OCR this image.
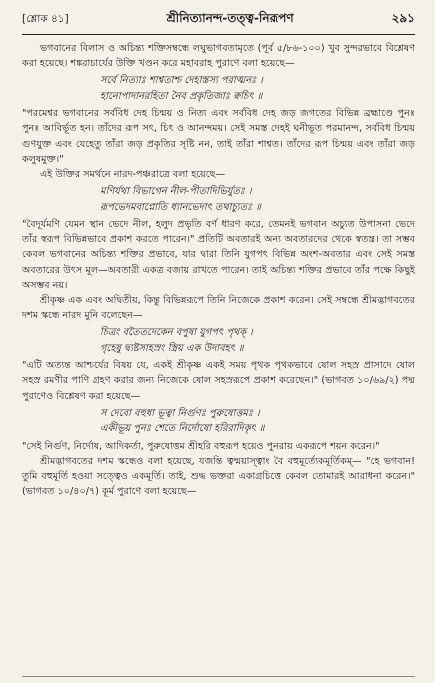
[শ্লোক ৪১]	শ্রীনিত্যানন্দ-তত্ত্ব-নিরূপণ	২৯১

ভগবানের বিলাস ও অচিন্ত্য শক্তিসম্বন্ধে লঘুভাগবতামৃতে (পূর্ব ৫/৮৬-১০০) খুব সুন্দরভাবে বিশ্লেষণ করা হয়েছে। শঙ্করাচার্যের উক্তি খণ্ডন করে মহাবরাহ পুরাণে বলা হয়েছে—

সর্বে নিত্যাঃ শাশ্বতাশ্চ দেহাস্তস্য পরাত্মনঃ ।
হানোপাদানরহিতা নৈব প্রকৃতিজাঃ ক্বচিৎ ॥

"পরমেশ্বর ভগবানের সর্ববিধ দেহ চিন্ময় ও নিত্য এবং সর্ববিধ দেহ জড় জগতের বিভিন্ন ব্রহ্মাণ্ডে পুনঃ পুনঃ আবির্ভূত হন। তাঁদের রূপ সৎ, চিৎ ও আনন্দময়। সেই সমস্ত দেহই ঘনীভূত পরমানন্দ, সর্ববিধ চিন্ময় গুণযুক্ত এবং যেহেতু তাঁরা জড় প্রকৃতির সৃষ্টি নন, তাই তাঁরা শাশ্বত। তাঁদের রূপ চিন্ময় এবং তাঁরা জড় কলুষমুক্ত।"

এই উক্তির সমর্থনে নারদ-পঞ্চরাত্রে বলা হয়েছে—

মণির্যথা বিভাগেন নীল-পীতাদিভির্যুতঃ ।
রূপভেদমবাপ্নোতি ধ্যানভেদাৎ তথাচ্যুতঃ ॥

"বৈদূর্যমণি যেমন স্থান ভেদে নীল, হলুদ প্রভৃতি বর্ণ ধারণ করে, তেমনই ভগবান অচ্যুত উপাসনা ভেদে তাঁর স্বরূপ বিভিন্নভাবে প্রকাশ করতে পারেন।" প্রতিটি অবতারই অন্য অবতারদের থেকে স্বতন্ত্র। তা সম্ভব কেবল ভগবানের অচিন্ত্য শক্তির প্রভাবে, যার দ্বারা তিনি যুগপৎ বিভিন্ন অংশ-অবতার এবং সেই সমস্ত অবতারের উৎস মূল—অবতারী একত্র বজায় রাখতে পারেন। তাই অচিন্ত্য শক্তির প্রভাবে তাঁর পক্ষে কিছুই অসম্ভব নয়।

শ্রীকৃষ্ণ এক এবং অদ্বিতীয়, কিন্তু বিভিন্নরূপে তিনি নিজেকে প্রকাশ করেন। সেই সম্বন্ধে শ্রীমদ্ভাগবতের দশম স্কন্ধে নারদ মুনি বলেছেন—

চিত্রং বতৈতদেকেন বপুষা যুগপৎ পৃথক্ ।
গৃহেষু দ্ব্যষ্টসাহস্রং স্ত্রিয় এক উদাবহৎ ॥

"এটি অত্যন্ত আশ্চর্যের বিষয় যে, একই শ্রীকৃষ্ণ একই সময় পৃথক পৃথকভাবে ষোল সহস্র প্রাসাদে ষোল সহস্র রমণীর পাণি গ্রহণ করার জন্য নিজেকে ষোল সহস্ররূপে প্রকাশ করেছেন।" (ভাগবত ১০/৬৯/২) পদ্ম পুরাণেও বিশ্লেষণ করা হয়েছে—

স দেবো বহুধা ভূত্বা নির্গুণঃ পুরুষোত্তমঃ ।
একীভূয় পুনঃ শেতে নির্দোষো হরিরাদিকৃৎ ॥

"সেই নির্গুণ, নির্দোষ, আদিকর্তা, পুরুষোত্তম শ্রীহরি বহুরূপ হয়েও পুনরায় একরূপে শয়ন করেন।"

শ্রীমদ্ভাগবতের দশম স্কন্ধেও বলা হয়েছে, যজন্তি ত্বন্ময়াস্ত্বাং বৈ বহুমূর্ত্যেকমূর্তিকম্— "হে ভগবান! তুমি বহুমূর্তি হওয়া সত্ত্বেও একমূর্তি। তাই, শুদ্ধ ভক্তরা একাগ্রচিত্তে কেবল তোমারই আরাধনা করেন।" (ভাগবত ১০/৪০/৭) কূর্ম পুরাণে বলা হয়েছে—
